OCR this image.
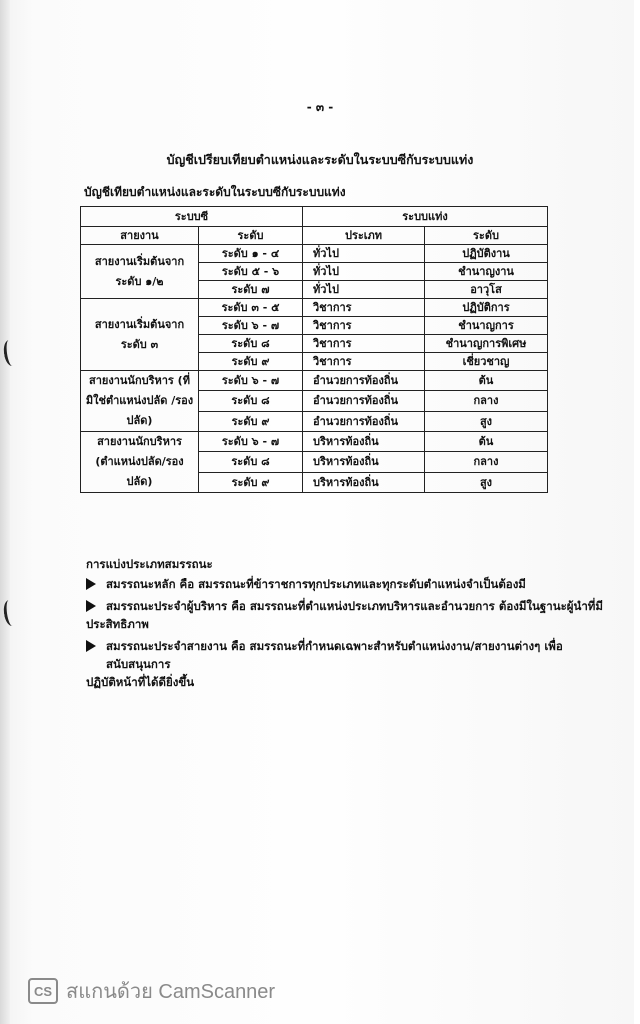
- ๓ -
บัญชีเปรียบเทียบตำแหน่งและระดับในระบบซีกับระบบแท่ง
บัญชีเทียบตำแหน่งและระดับในระบบซีกับระบบแท่ง
ระบบซี		ระบบแท่ง	
สายงาน	ระดับ	ประเภท	ระดับ
สายงานเริ่มต้นจาก ระดับ ๑/๒	ระดับ ๑ - ๔	ทั่วไป	ปฏิบัติงาน
	ระดับ ๕ - ๖	ทั่วไป	ชำนาญงาน
	ระดับ ๗	ทั่วไป	อาวุโส
สายงานเริ่มต้นจากระดับ ๓	ระดับ ๓ - ๕	วิชาการ	ปฏิบัติการ
	ระดับ ๖ - ๗	วิชาการ	ชำนาญการ
	ระดับ ๘	วิชาการ	ชำนาญการพิเศษ
	ระดับ ๙	วิชาการ	เชี่ยวชาญ
สายงานนักบริหาร (ที่มิใช่ตำแหน่งปลัด /รองปลัด)	ระดับ ๖ - ๗	อำนวยการท้องถิ่น	ต้น
	ระดับ ๘	อำนวยการท้องถิ่น	กลาง
	ระดับ ๙	อำนวยการท้องถิ่น	สูง
สายงานนักบริหาร (ตำแหน่งปลัด/รองปลัด)	ระดับ ๖ - ๗	บริหารท้องถิ่น	ต้น
	ระดับ ๘	บริหารท้องถิ่น	กลาง
	ระดับ ๙	บริหารท้องถิ่น	สูง
การแบ่งประเภทสมรรถนะ
สมรรถนะหลัก คือ สมรรถนะที่ข้าราชการทุกประเภทและทุกระดับตำแหน่งจำเป็นต้องมี
สมรรถนะประจำผู้บริหาร คือ สมรรถนะที่ตำแหน่งประเภทบริหารและอำนวยการ ต้องมีในฐานะผู้นำที่มี
ประสิทธิภาพ
สมรรถนะประจำสายงาน คือ สมรรถนะที่กำหนดเฉพาะสำหรับตำแหน่งงาน/สายงานต่างๆ เพื่อสนับสนุนการ
ปฏิบัติหน้าที่ได้ดียิ่งขึ้น
CS สแกนด้วย CamScanner
